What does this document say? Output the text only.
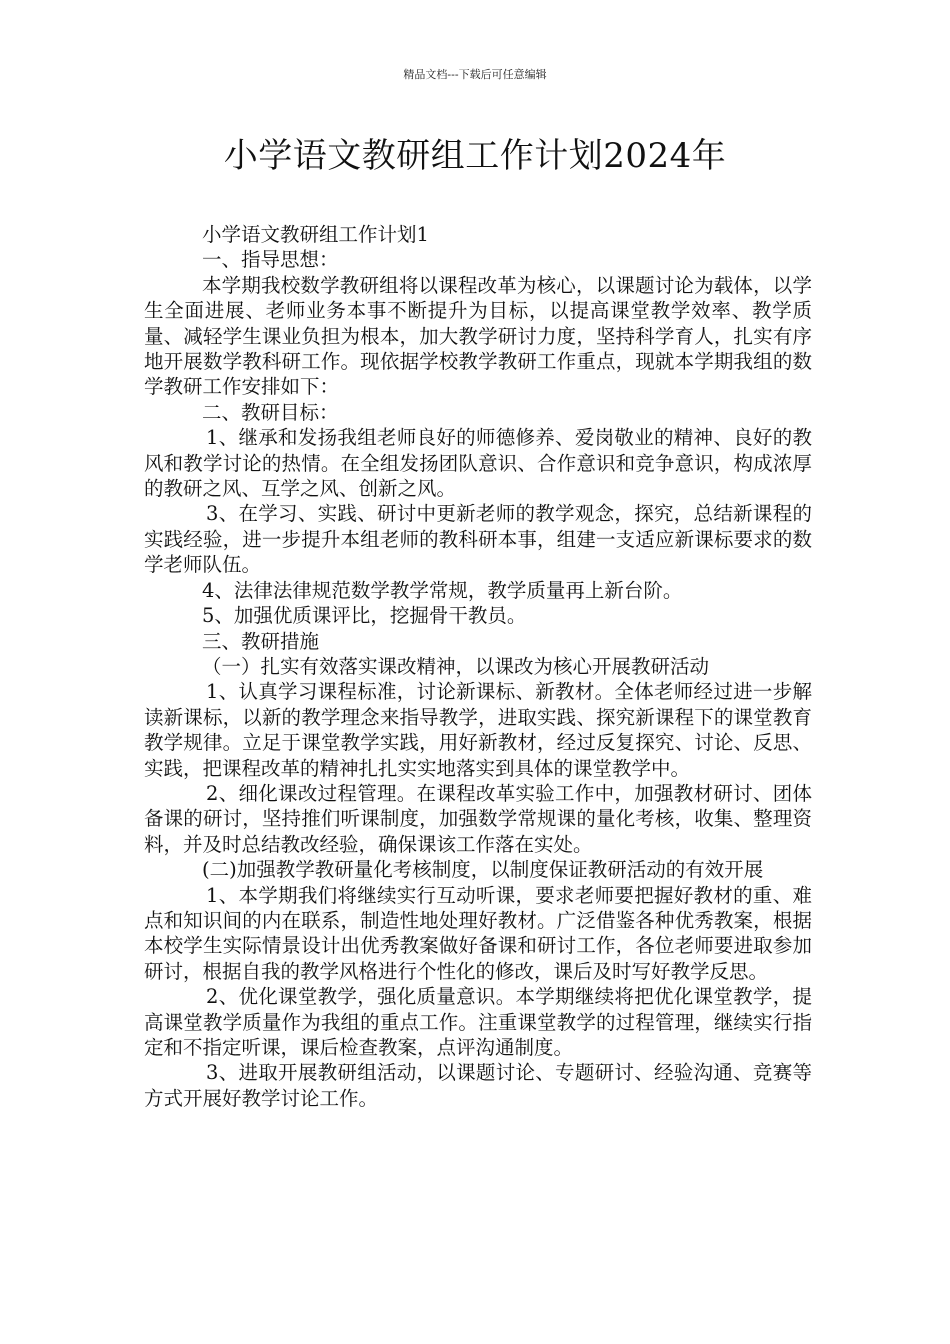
精品文档---下载后可任意编辑
小学语文教研组工作计划2024年

小学语文教研组工作计划1

一、指导思想：

本学期我校数学教研组将以课程改革为核心，以课题讨论为载体，以学生全面进展、老师业务本事不断提升为目标，以提高课堂教学效率、教学质量、减轻学生课业负担为根本，加大教学研讨力度，坚持科学育人，扎实有序地开展数学教科研工作。现依据学校教学教研工作重点，现就本学期我组的数学教研工作安排如下：

二、教研目标：

1、继承和发扬我组老师良好的师德修养、爱岗敬业的精神、良好的教风和教学讨论的热情。在全组发扬团队意识、合作意识和竞争意识，构成浓厚的教研之风、互学之风、创新之风。

3、在学习、实践、研讨中更新老师的教学观念，探究，总结新课程的实践经验，进一步提升本组老师的教科研本事，组建一支适应新课标要求的数学老师队伍。

4、法律法律规范数学教学常规，教学质量再上新台阶。

5、加强优质课评比，挖掘骨干教员。

三、教研措施

（一）扎实有效落实课改精神，以课改为核心开展教研活动

1、认真学习课程标准，讨论新课标、新教材。全体老师经过进一步解读新课标，以新的教学理念来指导教学，进取实践、探究新课程下的课堂教育教学规律。立足于课堂教学实践，用好新教材，经过反复探究、讨论、反思、实践，把课程改革的精神扎扎实实地落实到具体的课堂教学中。

2、细化课改过程管理。在课程改革实验工作中，加强教材研讨、团体备课的研讨，坚持推们听课制度，加强数学常规课的量化考核，收集、整理资料，并及时总结教改经验，确保课该工作落在实处。

(二)加强教学教研量化考核制度，以制度保证教研活动的有效开展

1、本学期我们将继续实行互动听课，要求老师要把握好教材的重、难点和知识间的内在联系，制造性地处理好教材。广泛借鉴各种优秀教案，根据本校学生实际情景设计出优秀教案做好备课和研讨工作，各位老师要进取参加研讨，根据自我的教学风格进行个性化的修改，课后及时写好教学反思。

2、优化课堂教学，强化质量意识。本学期继续将把优化课堂教学，提高课堂教学质量作为我组的重点工作。注重课堂教学的过程管理，继续实行指定和不指定听课，课后检查教案，点评沟通制度。

3、进取开展教研组活动，以课题讨论、专题研讨、经验沟通、竞赛等方式开展好教学讨论工作。
